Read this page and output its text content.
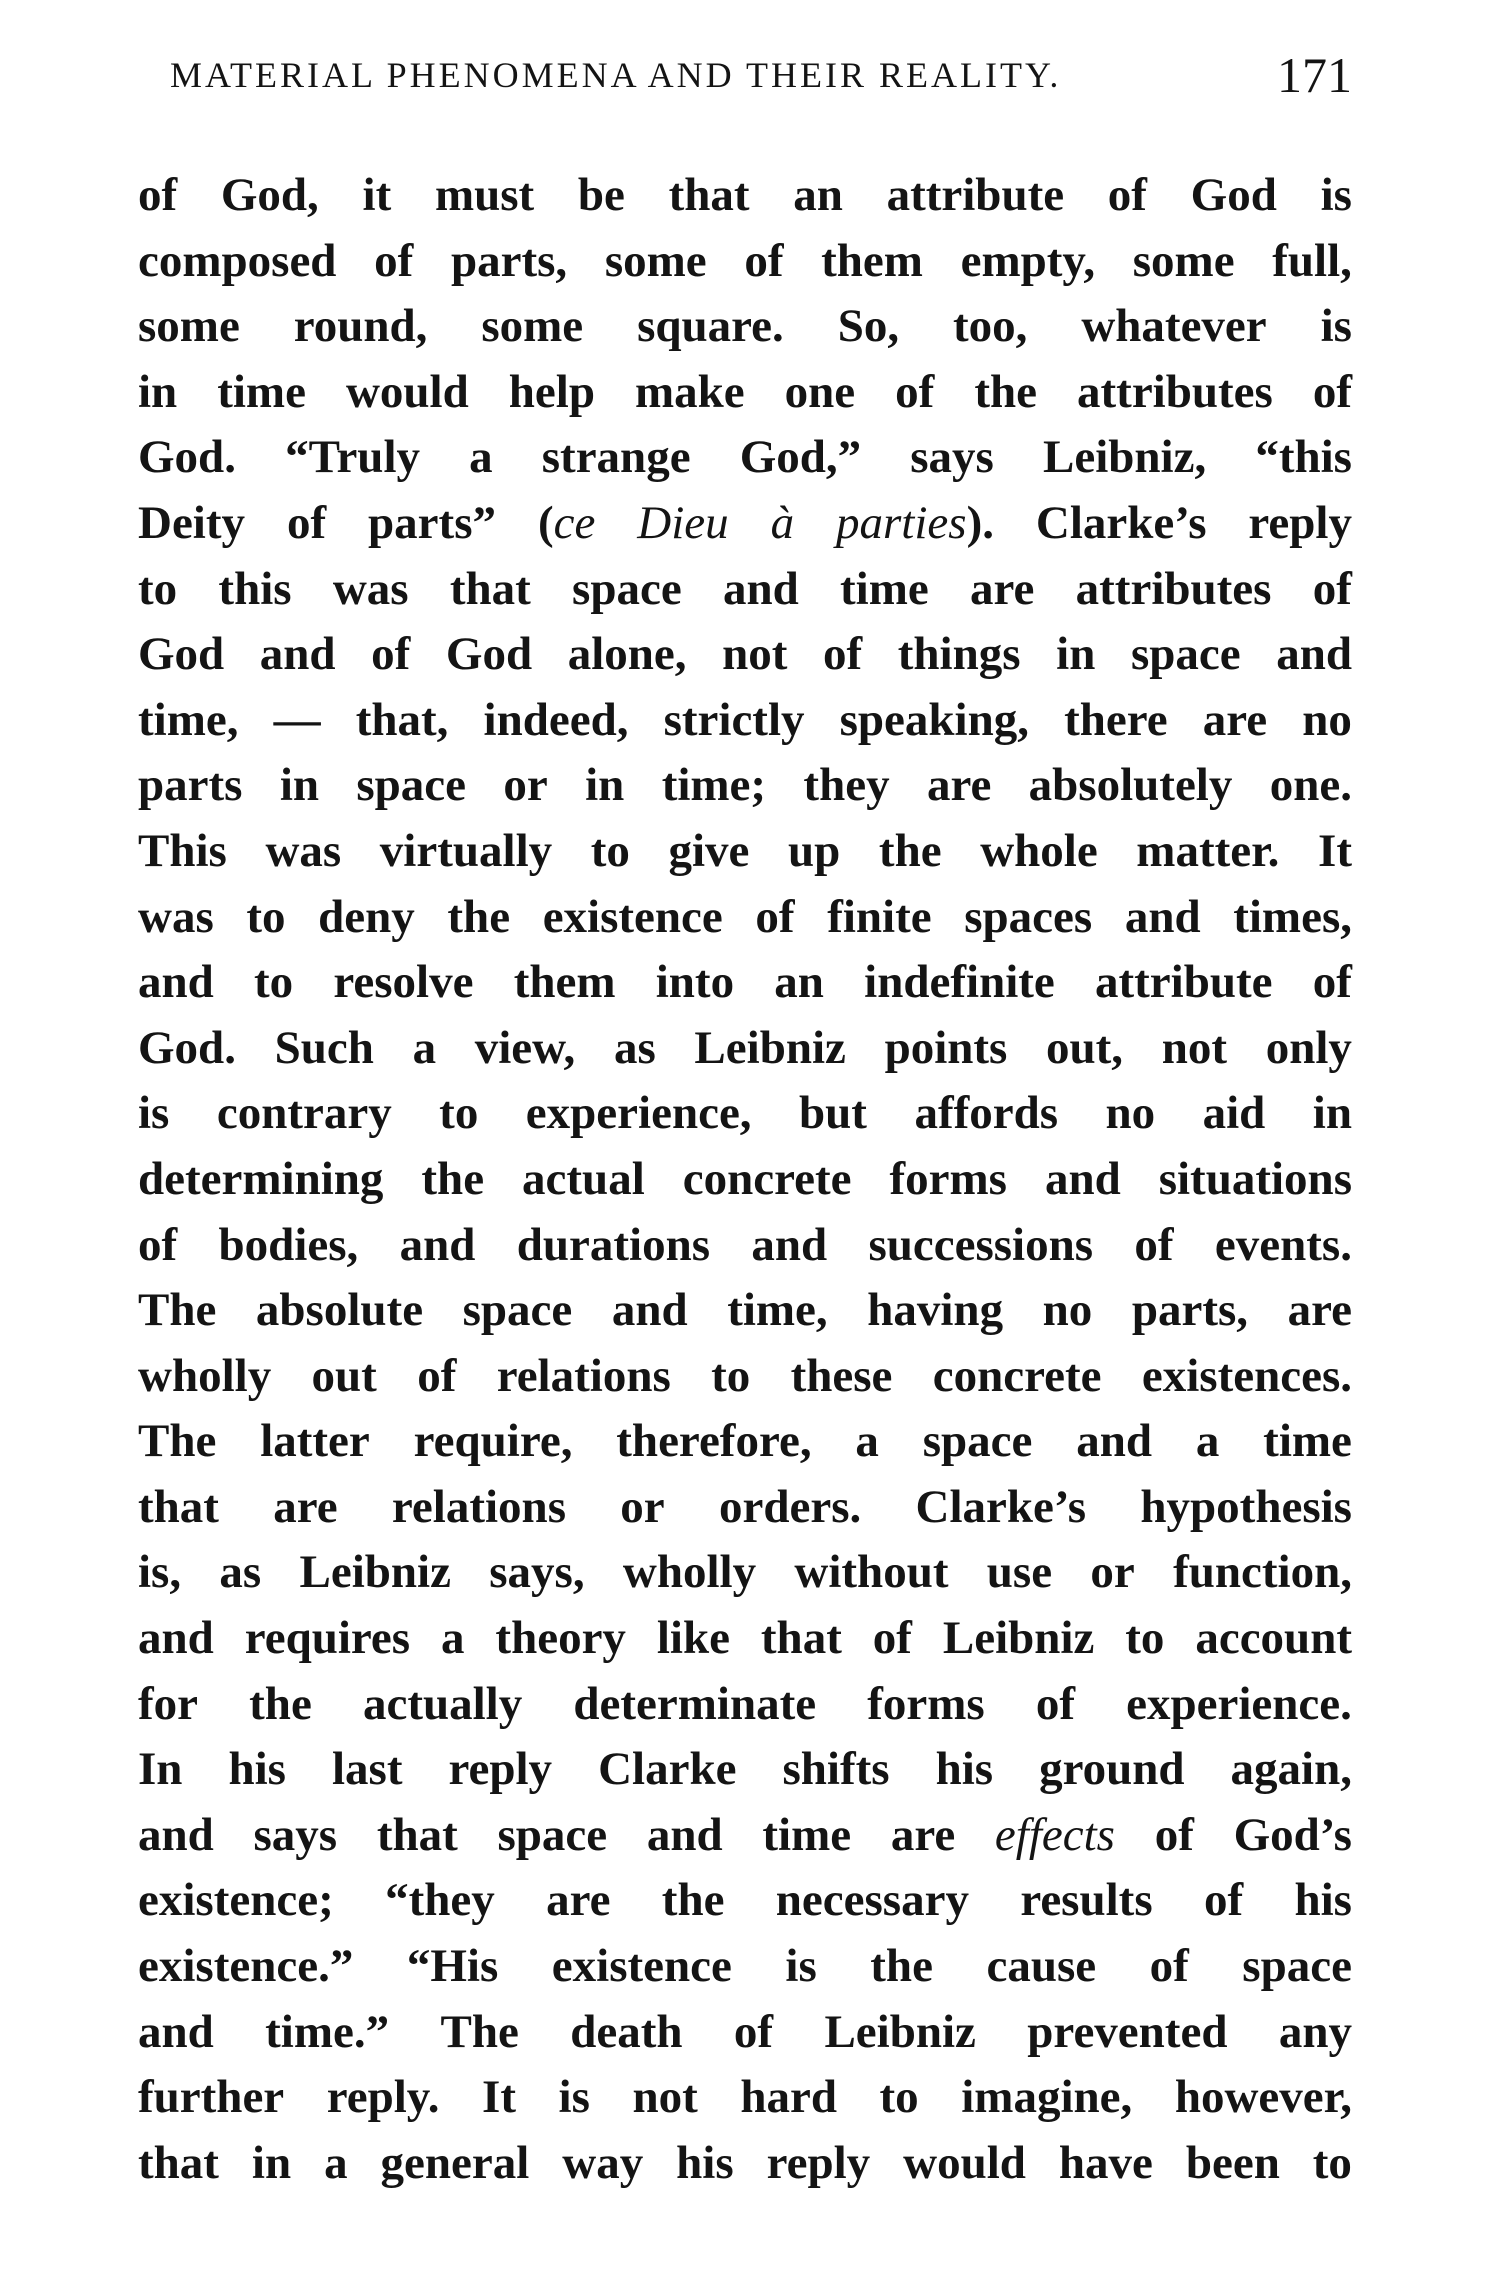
MATERIAL PHENOMENA AND THEIR REALITY.	171
of God, it must be that an attribute of God is
composed of parts, some of them empty, some full,
some round, some square. So, too, whatever is
in time would help make one of the attributes of
God. “Truly a strange God,” says Leibniz, “this
Deity of parts” (ce Dieu à parties). Clarke’s reply
to this was that space and time are attributes of
God and of God alone, not of things in space and
time, — that, indeed, strictly speaking, there are no
parts in space or in time; they are absolutely one.
This was virtually to give up the whole matter. It
was to deny the existence of finite spaces and times,
and to resolve them into an indefinite attribute of
God. Such a view, as Leibniz points out, not only
is contrary to experience, but affords no aid in
determining the actual concrete forms and situations
of bodies, and durations and successions of events.
The absolute space and time, having no parts, are
wholly out of relations to these concrete existences.
The latter require, therefore, a space and a time
that are relations or orders. Clarke’s hypothesis
is, as Leibniz says, wholly without use or function,
and requires a theory like that of Leibniz to account
for the actually determinate forms of experience.
In his last reply Clarke shifts his ground again,
and says that space and time are effects of God’s
existence; “they are the necessary results of his
existence.” “His existence is the cause of space
and time.” The death of Leibniz prevented any
further reply. It is not hard to imagine, however,
that in a general way his reply would have been to
